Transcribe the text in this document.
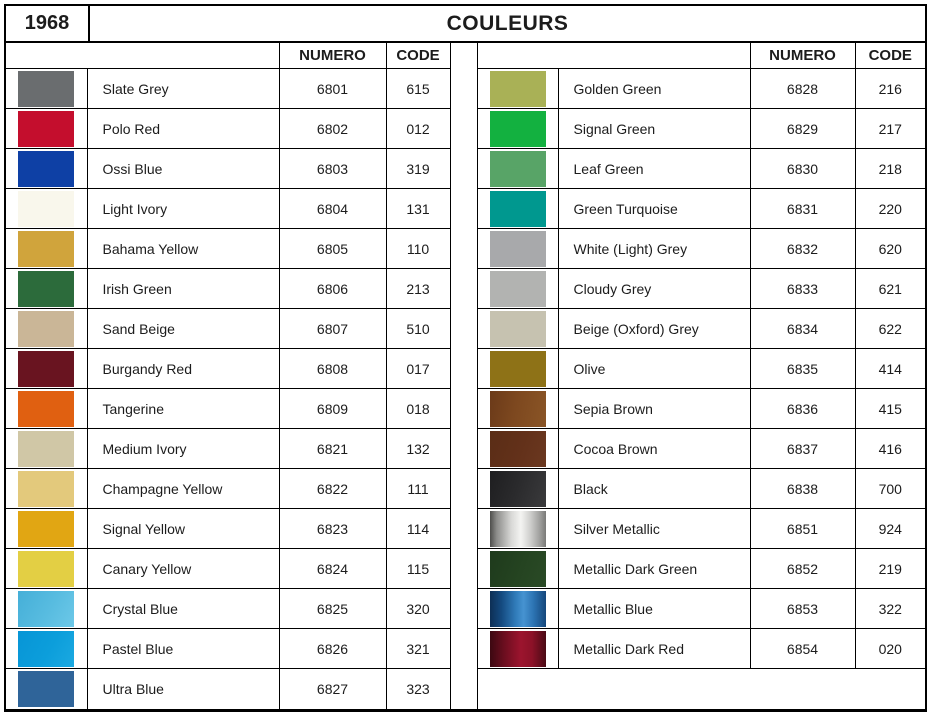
1968	COULEURS
		NUMERO	CODE

	Slate Grey	6801	615

	Polo Red	6802	012

	Ossi Blue	6803	319

	Light Ivory	6804	131

	Bahama Yellow	6805	110

	Irish Green	6806	213

	Sand Beige	6807	510

	Burgandy Red	6808	017

	Tangerine	6809	018

	Medium Ivory	6821	132

	Champagne Yellow	6822	111

	Signal Yellow	6823	114

	Canary Yellow	6824	115

	Crystal Blue	6825	320

	Pastel Blue	6826	321

	Ultra Blue	6827	323
		NUMERO	CODE

	Golden Green	6828	216

	Signal Green	6829	217

	Leaf Green	6830	218

	Green Turquoise	6831	220

	White (Light) Grey	6832	620

	Cloudy Grey	6833	621

	Beige (Oxford) Grey	6834	622

	Olive	6835	414

	Sepia Brown	6836	415

	Cocoa Brown	6837	416

	Black	6838	700

	Silver Metallic	6851	924

	Metallic Dark Green	6852	219

	Metallic Blue	6853	322

	Metallic Dark Red	6854	020
